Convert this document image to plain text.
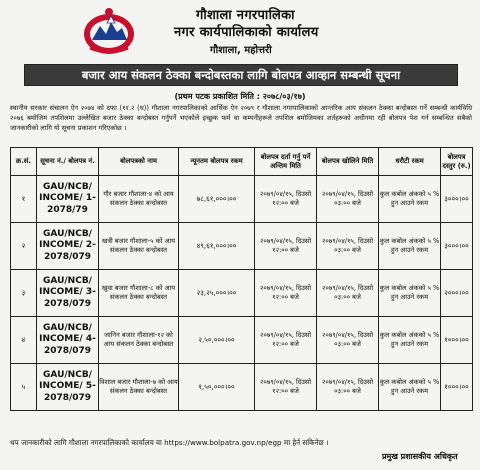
गौशाला नगरपालिका
नगर कार्यपालिकाको कार्यालय
गौशाला, महोत्तरी
बजार आय संकलन ठेक्का बन्दोबस्तका लागि बोलपत्र आव्हान सम्बन्धी सूचना
(प्रथम पटक प्रकाशित मिति : २०७८/०३/१७)
स्थानीय सरकार संचालन ऐन २०७४ को दफा (११.२ (ध)) गौशाला नगरपालिकाको आर्थिक ऐन २०७९ र गौशाला नगरपालिकाको आन्तरिक आय संकलन ठेक्का बन्दोबस्त गर्ने सम्बन्धी कार्यविधि २०७६ बमोजिम तपशिलमा उल्लेखित बजार ठेक्का बन्दोबस्त गर्नुपर्ने भएकोले इच्छुक फर्म वा कम्पनीहरूले तपशिल बमोजिमका शर्तहरूको अधीनमा रही बोलपत्र पेश गर्न सम्बन्धित सबैको जानकारीको लागि यो सूचना प्रकाशन गरिएकोछ ।
क्र.सं.	सूचना नं./ बोलपत्र नं.	बोलपत्रको नाम	न्यूनतम बोलपत्र रकम	बोलपत्र दर्ता गर्नु पर्ने अन्तिम मिति	बोलपत्र खोलिने मिति	धरौटी रकम	बोलपत्र दस्तुर (रु.)
१	GAU/NCB/ INCOME/ 1-2078/79	गौर बजार गौशाला-४ को आय संकलन ठेक्का बन्दोबस्त	७८,६१,०००।००	२०७९/०४/१५, दिउसो १२:०० बजे	२०७९/०४/१५, दिउसो ०३:०० बजे	कुल कबोल अंकको ५ % हुन आउने रकम	३०००।००
२	GAU/NCB/ INCOME/ 2-2078/079	खत्री बजार गौशाला-५ को आय संकलन ठेक्का बन्दोबस्त	४९,६१,०००।००	२०७९/०४/१५, दिउसो १२:०० बजे	२०७९/०४/१५, दिउसो ०३:०० बजे	कुल कबोल अंकको ५ % हुन आउने रकम	३०००।००
३	GAU/NCB/ INCOME/ 3-2078/079	खुवा बजार गौशाला-८ को आय संकलन ठेक्का बन्दोबस्त	२३,२५,०००।००	२०७९/०४/१५, दिउसो १२:०० बजे	२०७९/०४/१५, दिउसो ०३:०० बजे	कुल कबोल अंकको ५ % हुन आउने रकम	२०००।००
४	GAU/NCB/ INCOME/ 4-2078/079	जानिन बजार गौशाला-१२ को आय संकलन ठेक्का बन्दोबस्त	२,५०,०००।००	२०७९/०४/१५, दिउसो १२:०० बजे	२०७९/०४/१५, दिउसो ०३:०० बजे	कुल कबोल अंकको ५ % हुन आउने रकम	१०००।००
५	GAU/NCB/ INCOME/ 5-2078/079	विशाल बजार गौशाला-७ को आय संकलन ठेक्का बन्दोबस्त	१,५०,०००।००	२०७९/०४/१५, दिउसो १२:०० बजे	२०७९/०४/१५, दिउसो ०३:०० बजे	कुल कबोल अंकको ५ % हुन आउने रकम	१०००।००
थप जानकारीको लागि गौशाला नगरपालिकाको कार्यालय वा https://www.bolpatra.gov.np/egp मा हेर्न सकिनेछ ।
प्रमुख प्रशासकीय अधिकृत
